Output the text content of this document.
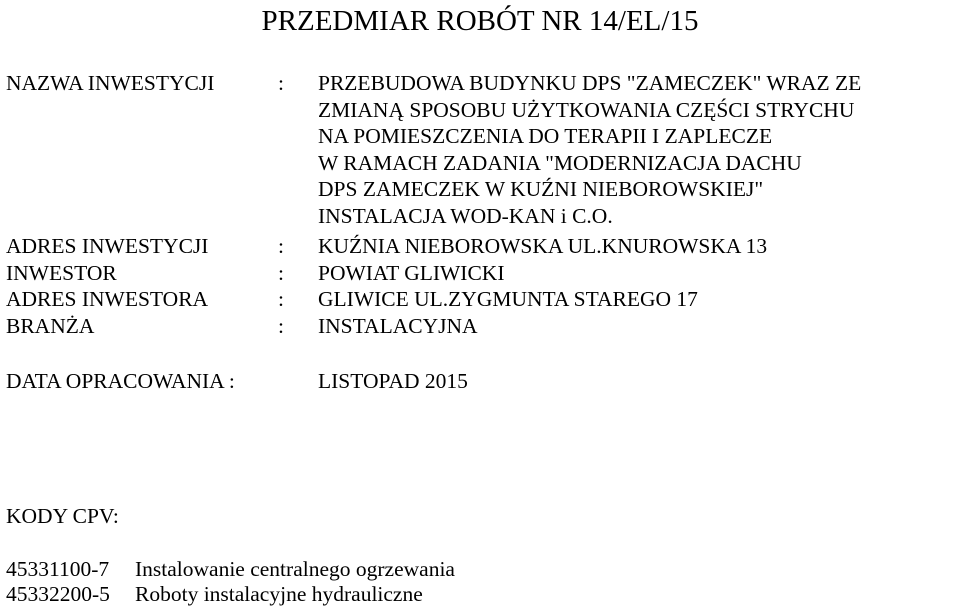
PRZEDMIAR ROBÓT NR 14/EL/15
NAZWA INWESTYCJI	: PRZEBUDOWA BUDYNKU DPS "ZAMECZEK" WRAZ ZE
ZMIANĄ SPOSOBU UŻYTKOWANIA CZĘŚCI STRYCHU
NA POMIESZCZENIA DO TERAPII I ZAPLECZE
W RAMACH ZADANIA "MODERNIZACJA DACHU
DPS ZAMECZEK W KUŹNI NIEBOROWSKIEJ"
INSTALACJA WOD-KAN i C.O.
ADRES INWESTYCJI	: KUŹNIA NIEBOROWSKA UL.KNUROWSKA 13
INWESTOR	: POWIAT GLIWICKI
ADRES INWESTORA	: GLIWICE UL.ZYGMUNTA STAREGO 17
BRANŻA	: INSTALACYJNA
DATA OPRACOWANIA :	LISTOPAD 2015
KODY CPV:
45331100-7 Instalowanie centralnego ogrzewania
45332200-5 Roboty instalacyjne hydrauliczne
